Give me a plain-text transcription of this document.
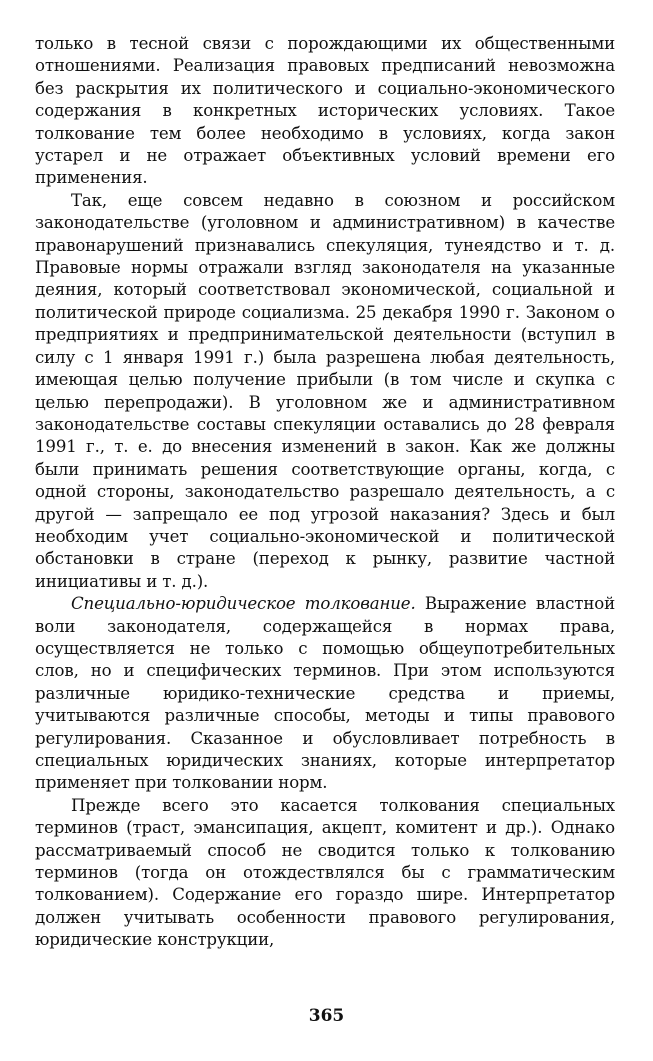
только в тесной связи с порождающими их общественными отношениями. Реализация правовых предписаний невозможна без раскрытия их политического и социально-экономического содержания в конкретных исторических условиях. Такое толкование тем более необходимо в условиях, когда закон устарел и не отражает объективных условий времени его применения.

Так, еще совсем недавно в союзном и российском законодательстве (уголовном и административном) в качестве правонарушений признавались спекуляция, тунеядство и т. д. Правовые нормы отражали взгляд законодателя на указанные деяния, который соответствовал экономической, социальной и политической природе социализма. 25 декабря 1990 г. Законом о предприятиях и предпринимательской деятельности (вступил в силу с 1 января 1991 г.) была разрешена любая деятельность, имеющая целью получение прибыли (в том числе и скупка с целью перепродажи). В уголовном же и административном законодательстве составы спекуляции оставались до 28 февраля 1991 г., т. е. до внесения изменений в закон. Как же должны были принимать решения соответствующие органы, когда, с одной стороны, законодательство разрешало деятельность, а с другой — запрещало ее под угрозой наказания? Здесь и был необходим учет социально-экономической и политической обстановки в стране (переход к рынку, развитие частной инициативы и т. д.).

Специально-юридическое толкование. Выражение властной воли законодателя, содержащейся в нормах права, осуществляется не только с помощью общеупотребительных слов, но и специфических терминов. При этом используются различные юридико-технические средства и приемы, учитываются различные способы, методы и типы правового регулирования. Сказанное и обусловливает потребность в специальных юридических знаниях, которые интерпретатор применяет при толковании норм.

Прежде всего это касается толкования специальных терминов (траст, эмансипация, акцепт, комитент и др.). Однако рассматриваемый способ не сводится только к толкованию терминов (тогда он отождествлялся бы с грамматическим толкованием). Содержание его гораздо шире. Интерпретатор должен учитывать особенности правового регулирования, юридические конструкции,

365
